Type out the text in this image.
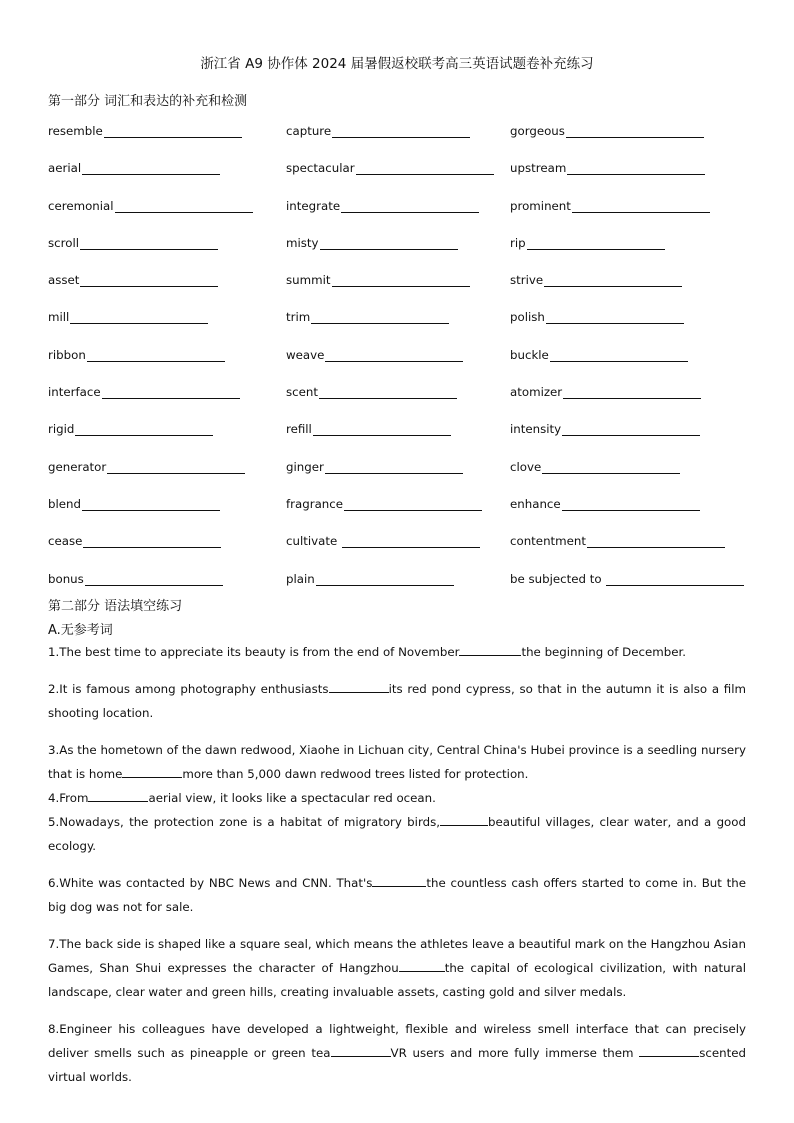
浙江省 A9 协作体 2024 届暑假返校联考高三英语试题卷补充练习
第一部分 词汇和表达的补充和检测
resemble	capture	gorgeous
aerial	spectacular	upstream
ceremonial	integrate	prominent
scroll	misty	rip
asset	summit	strive
mill	trim	polish
ribbon	weave	buckle
interface	scent	atomizer
rigid	refill	intensity
generator	ginger	clove
blend	fragrance	enhance
cease	cultivate	contentment
bonus	plain	be subjected to
第二部分 语法填空练习
A.无参考词
1.The best time to appreciate its beauty is from the end of November	the beginning of December.
2.It is famous among photography enthusiasts	its red pond cypress, so that in the autumn it is also a film shooting location.
3.As the hometown of the dawn redwood, Xiaohe in Lichuan city, Central China's Hubei province is a seedling nursery that is home	more than 5,000 dawn redwood trees listed for protection.
4.From	aerial view, it looks like a spectacular red ocean.
5.Nowadays, the protection zone is a habitat of migratory birds,	beautiful villages, clear water, and a good ecology.
6.White was contacted by NBC News and CNN. That's	the countless cash offers started to come in. But the big dog was not for sale.
7.The back side is shaped like a square seal, which means the athletes leave a beautiful mark on the Hangzhou Asian Games, Shan Shui expresses the character of Hangzhou	the capital of ecological civilization, with natural landscape, clear water and green hills, creating invaluable assets, casting gold and silver medals.
8.Engineer his colleagues have developed a lightweight, flexible and wireless smell interface that can precisely deliver smells such as pineapple or green tea	VR users and more fully immerse them	scented virtual worlds.
